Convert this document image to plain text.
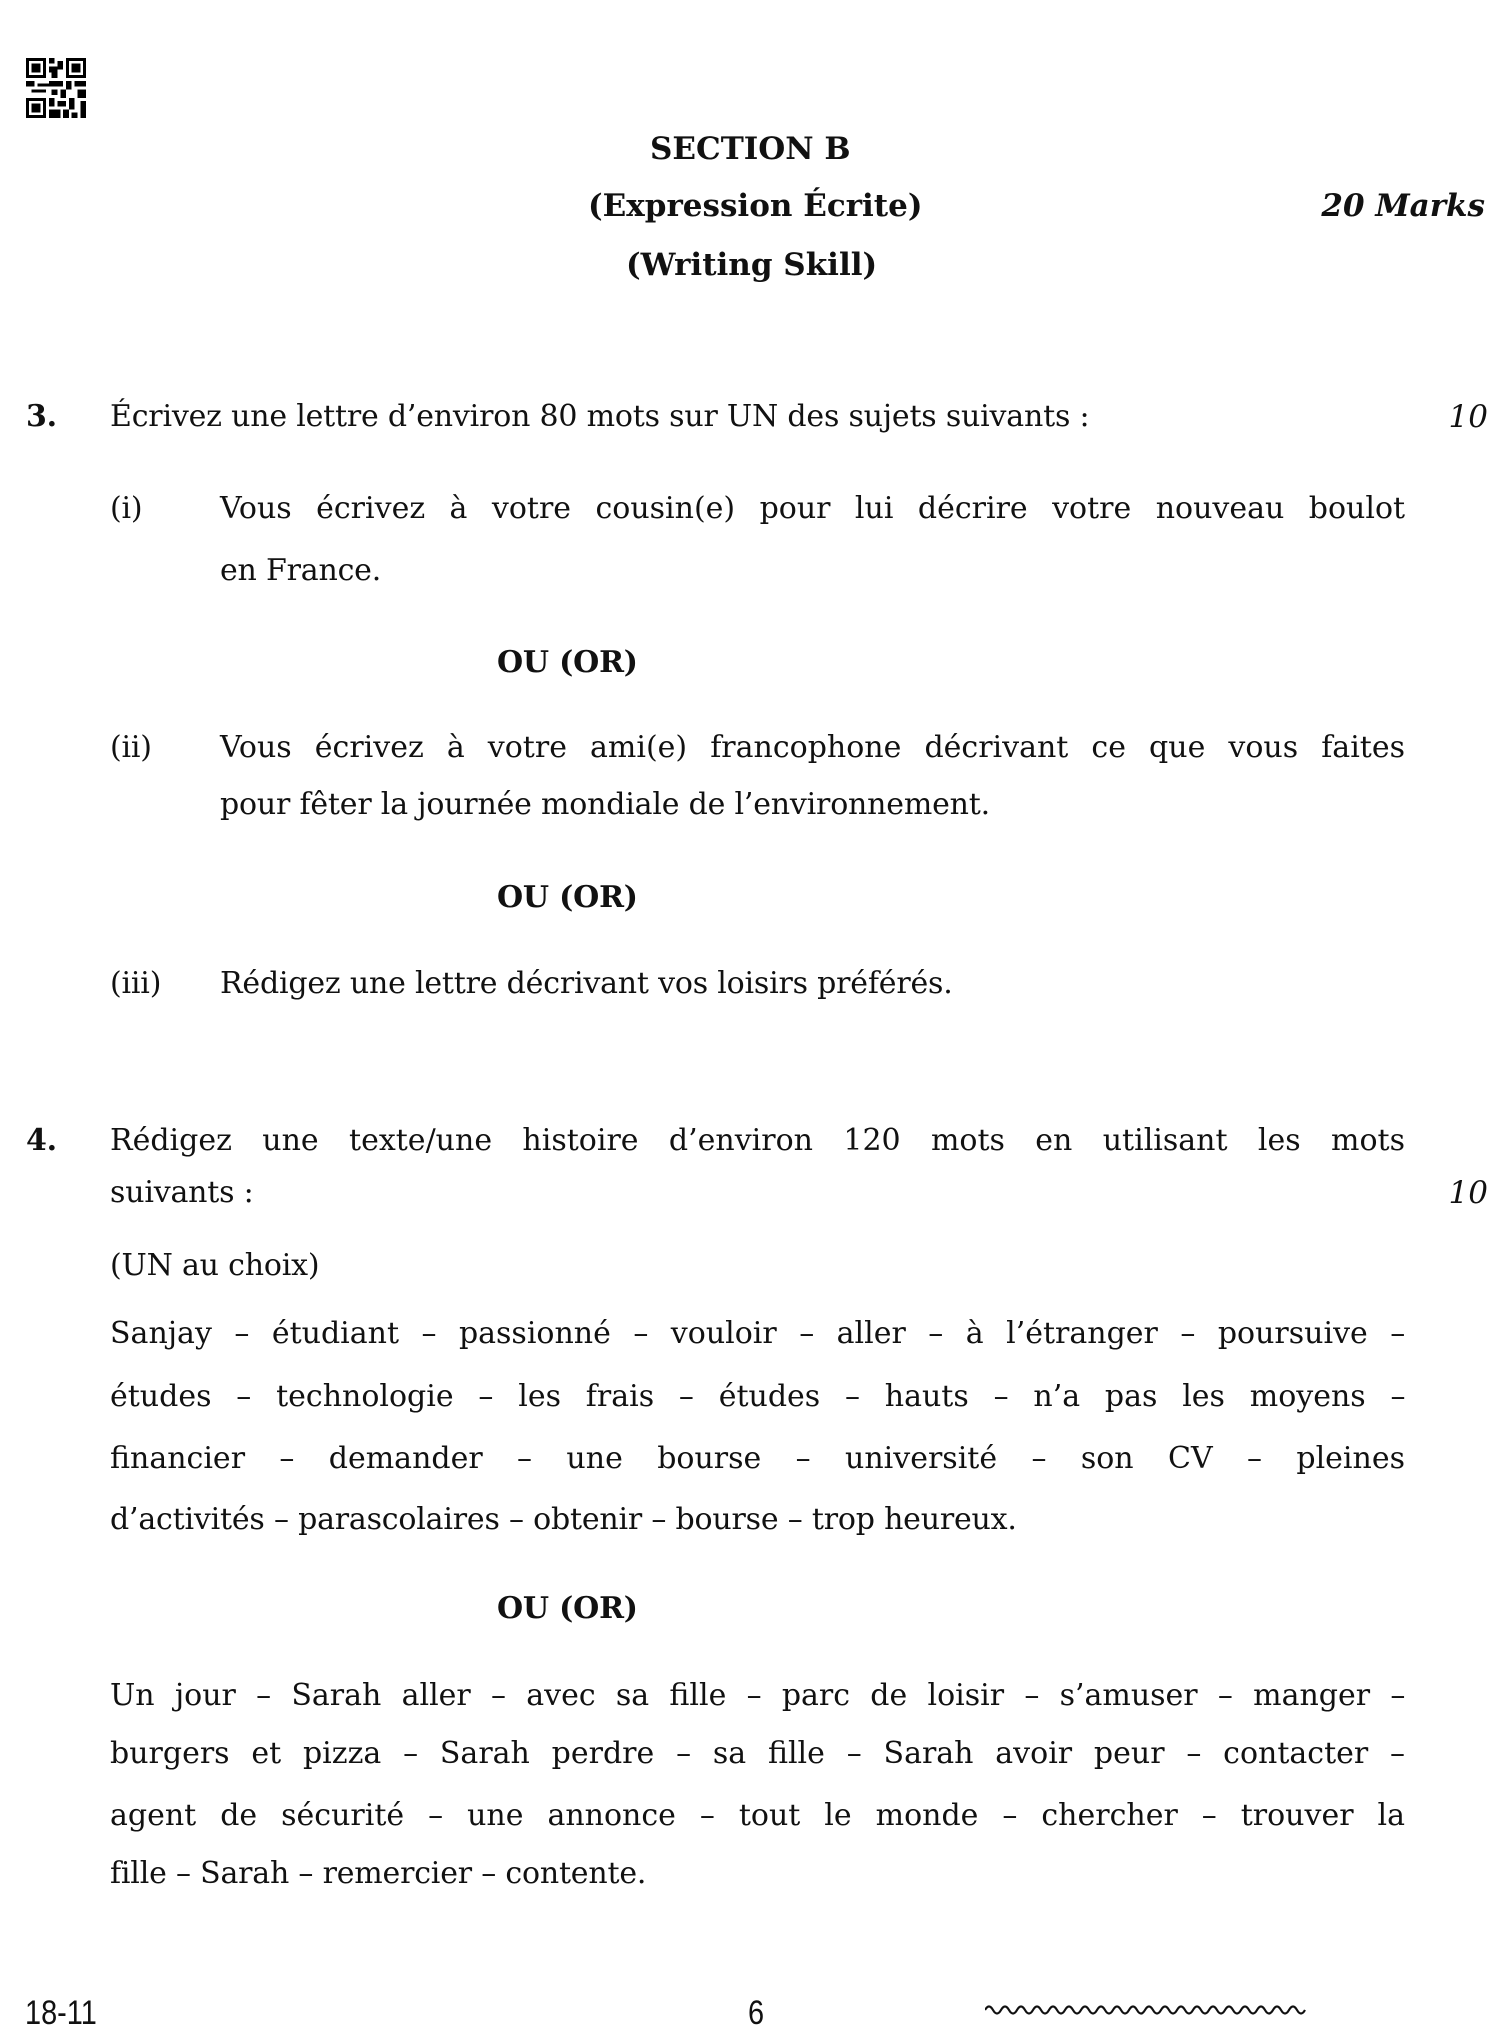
SECTION B
(Expression Écrite)
(Writing Skill)
20 Marks
3. Écrivez une lettre d’environ 80 mots sur UN des sujets suivants :	10
(i)	Vous écrivez à votre cousin(e) pour lui décrire votre nouveau boulot
en France.
OU (OR)
(ii) Vous écrivez à votre ami(e) francophone décrivant ce que vous faites
pour fêter la journée mondiale de l’environnement.
OU (OR)
(iii) Rédigez une lettre décrivant vos loisirs préférés.
4. Rédigez une texte/une histoire d’environ 120 mots en utilisant les mots
suivants :	10
(UN au choix)
Sanjay – étudiant – passionné – vouloir – aller – à l’étranger – poursuive –
études – technologie – les frais – études – hauts – n’a pas les moyens –
financier – demander – une bourse – université – son CV – pleines
d’activités – parascolaires – obtenir – bourse – trop heureux.
OU (OR)
Un jour – Sarah aller – avec sa fille – parc de loisir – s’amuser – manger –
burgers et pizza – Sarah perdre – sa fille – Sarah avoir peur – contacter –
agent de sécurité – une annonce – tout le monde – chercher – trouver la
fille – Sarah – remercier – contente.
18-11	6
